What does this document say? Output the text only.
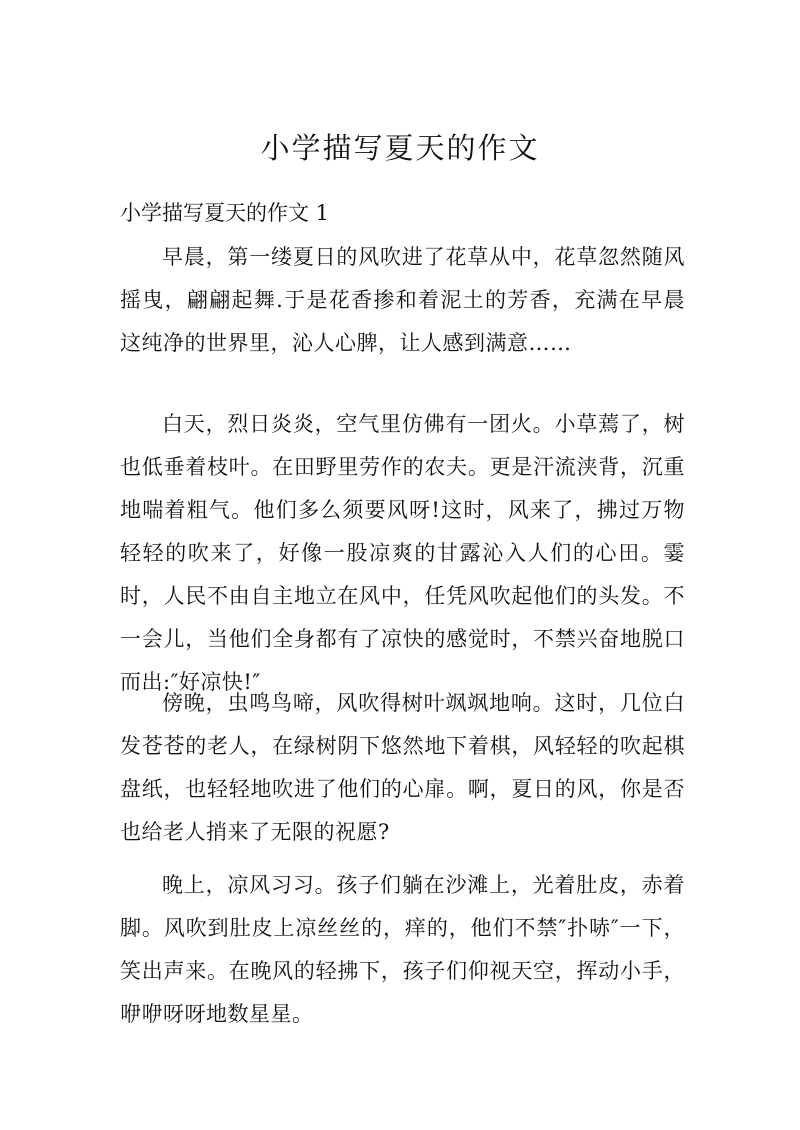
小学描写夏天的作文
小学描写夏天的作文 1

早晨，第一缕夏日的风吹进了花草从中，花草忽然随风摇曳，翩翩起舞.于是花香掺和着泥土的芳香，充满在早晨这纯净的世界里，沁人心脾，让人感到满意……

白天，烈日炎炎，空气里仿佛有一团火。小草蔫了，树也低垂着枝叶。在田野里劳作的农夫。更是汗流浃背，沉重地喘着粗气。他们多么须要风呀!这时，风来了，拂过万物轻轻的吹来了，好像一股凉爽的甘露沁入人们的心田。霎时，人民不由自主地立在风中，任凭风吹起他们的头发。不一会儿，当他们全身都有了凉快的感觉时，不禁兴奋地脱口而出:″好凉快!″

傍晚，虫鸣鸟啼，风吹得树叶飒飒地响。这时，几位白发苍苍的老人，在绿树阴下悠然地下着棋，风轻轻的吹起棋盘纸，也轻轻地吹进了他们的心扉。啊，夏日的风，你是否也给老人捎来了无限的祝愿?

晚上，凉风习习。孩子们躺在沙滩上，光着肚皮，赤着脚。风吹到肚皮上凉丝丝的，痒的，他们不禁″扑哧″一下，笑出声来。在晚风的轻拂下，孩子们仰视天空，挥动小手，咿咿呀呀地数星星。
